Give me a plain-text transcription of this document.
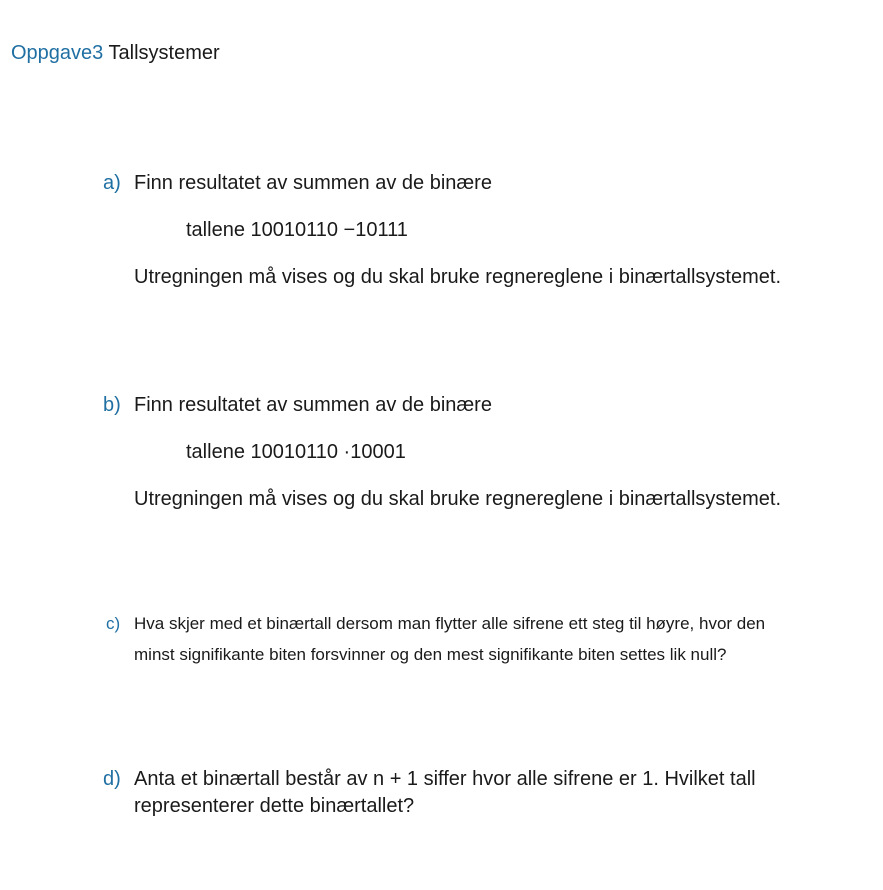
Oppgave3 Tallsystemer
a) Finn resultatet av summen av de binære
tallene 10010110 −10111
Utregningen må vises og du skal bruke regnereglene i binærtallsystemet.
b) Finn resultatet av summen av de binære
tallene 10010110 ·10001
Utregningen må vises og du skal bruke regnereglene i binærtallsystemet.
c) Hva skjer med et binærtall dersom man flytter alle sifrene ett steg til høyre, hvor den
minst signifikante biten forsvinner og den mest signifikante biten settes lik null?
d) Anta et binærtall består av n + 1 siffer hvor alle sifrene er 1. Hvilket tall
representerer dette binærtallet?
